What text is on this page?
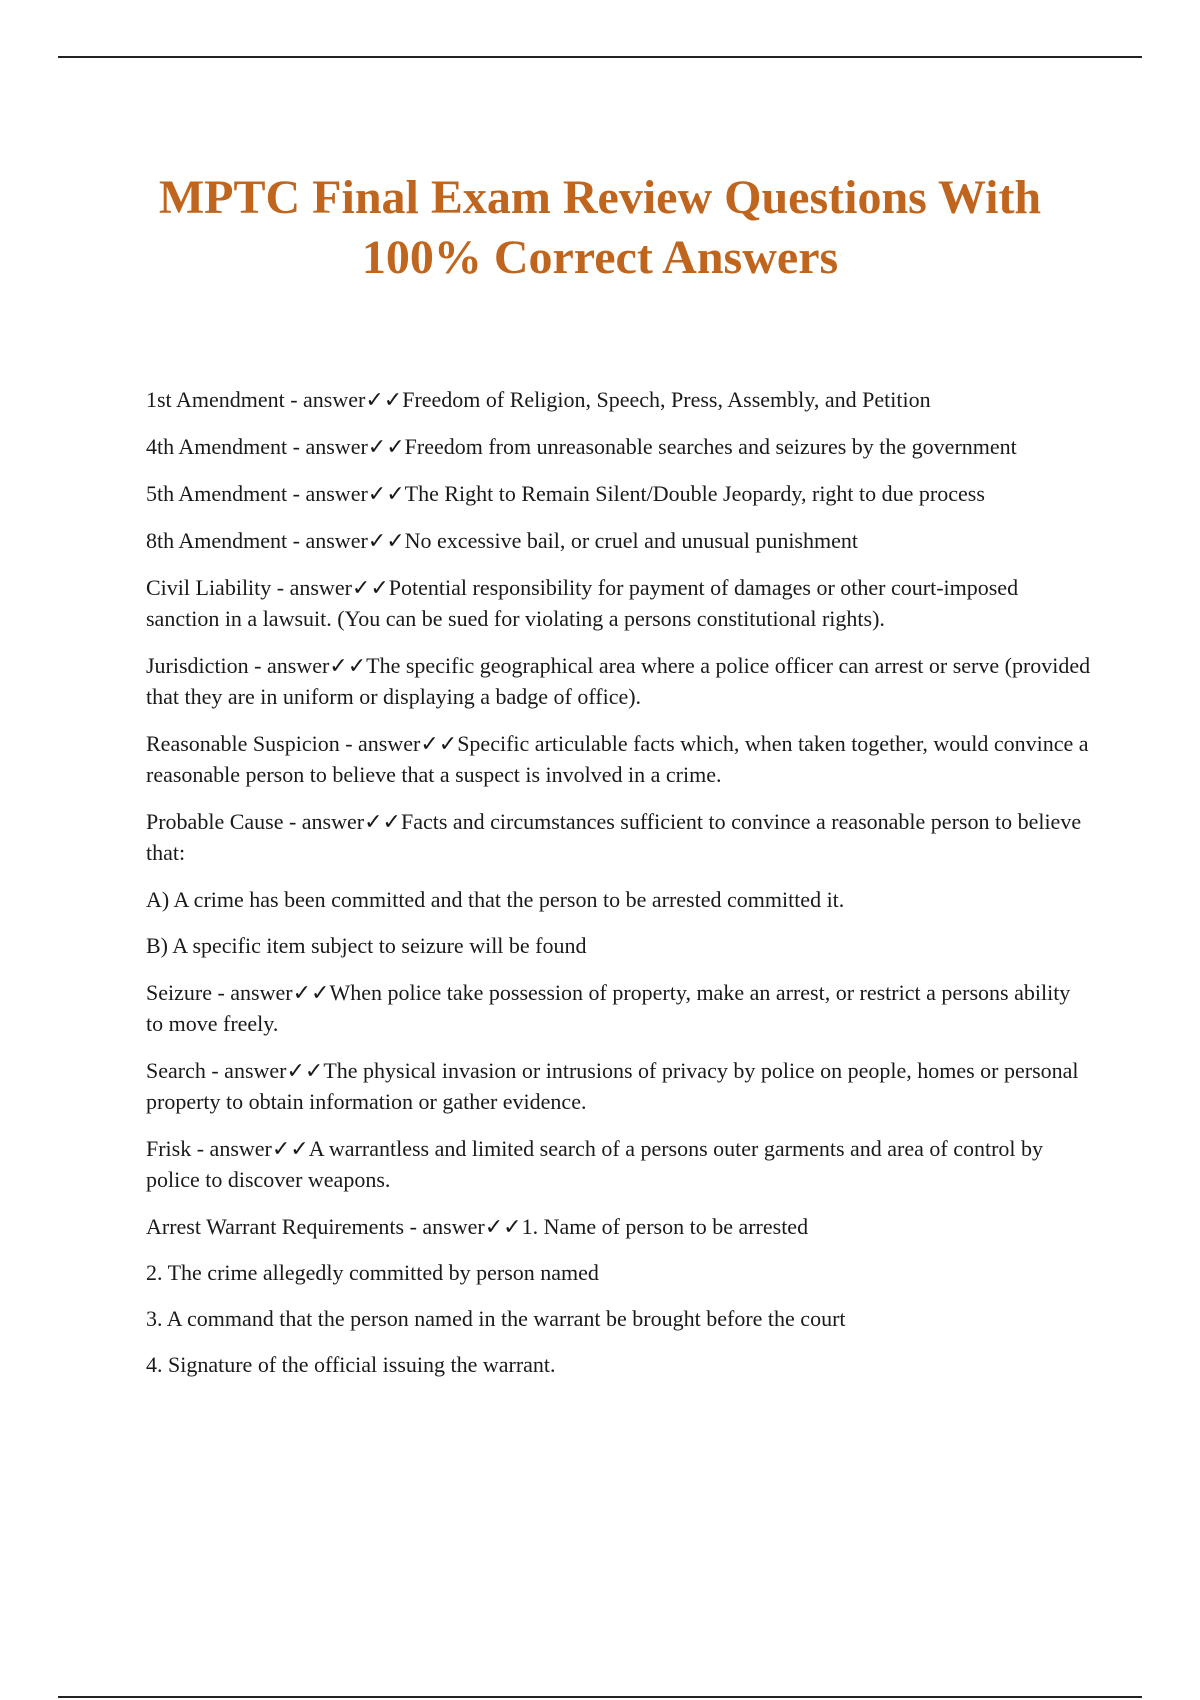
MPTC Final Exam Review Questions With
100% Correct Answers

1st Amendment - answer✓✓Freedom of Religion, Speech, Press, Assembly, and Petition

4th Amendment - answer✓✓Freedom from unreasonable searches and seizures by the government

5th Amendment - answer✓✓The Right to Remain Silent/Double Jeopardy, right to due process

8th Amendment - answer✓✓No excessive bail, or cruel and unusual punishment

Civil Liability - answer✓✓Potential responsibility for payment of damages or other court-imposed sanction in a lawsuit. (You can be sued for violating a persons constitutional rights).

Jurisdiction - answer✓✓The specific geographical area where a police officer can arrest or serve (provided that they are in uniform or displaying a badge of office).

Reasonable Suspicion - answer✓✓Specific articulable facts which, when taken together, would convince a reasonable person to believe that a suspect is involved in a crime.

Probable Cause - answer✓✓Facts and circumstances sufficient to convince a reasonable person to believe that:

A) A crime has been committed and that the person to be arrested committed it.

B) A specific item subject to seizure will be found

Seizure - answer✓✓When police take possession of property, make an arrest, or restrict a persons ability to move freely.

Search - answer✓✓The physical invasion or intrusions of privacy by police on people, homes or personal property to obtain information or gather evidence.

Frisk - answer✓✓A warrantless and limited search of a persons outer garments and area of control by police to discover weapons.

Arrest Warrant Requirements - answer✓✓1. Name of person to be arrested

2. The crime allegedly committed by person named

3. A command that the person named in the warrant be brought before the court

4. Signature of the official issuing the warrant.
